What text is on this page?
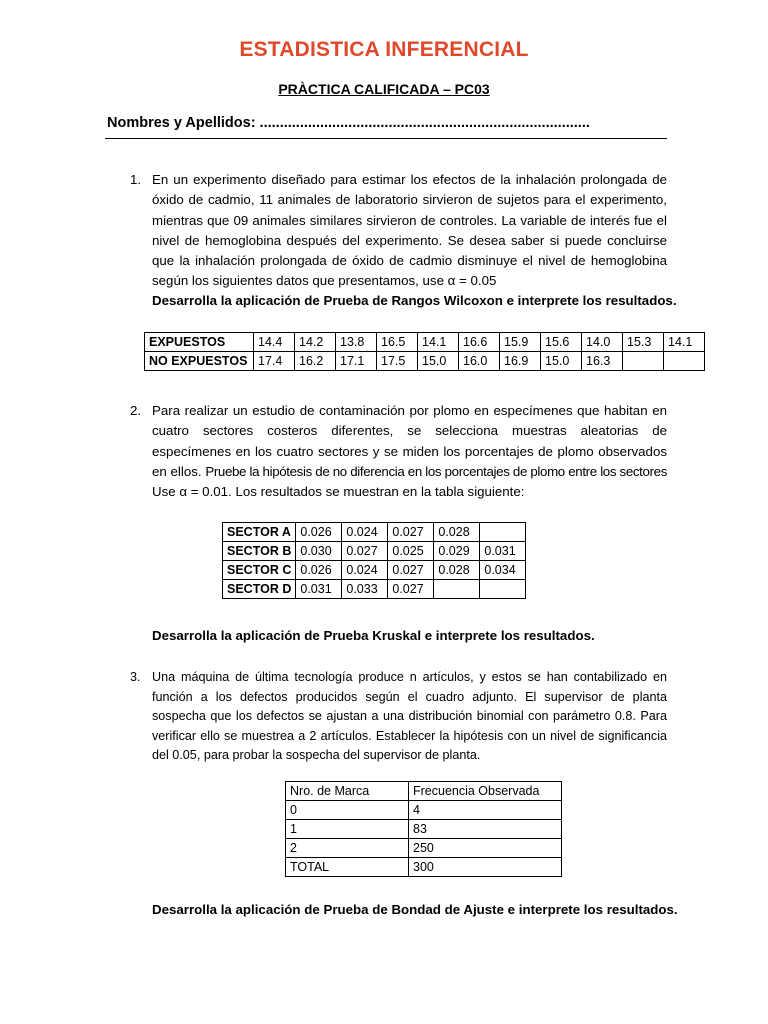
ESTADISTICA INFERENCIAL
PRÀCTICA CALIFICADA – PC03
Nombres y Apellidos: ..................................................................................
1. En un experimento diseñado para estimar los efectos de la inhalación prolongada de óxido de cadmio, 11 animales de laboratorio sirvieron de sujetos para el experimento, mientras que 09 animales similares sirvieron de controles. La variable de interés fue el nivel de hemoglobina después del experimento. Se desea saber si puede concluirse que la inhalación prolongada de óxido de cadmio disminuye el nivel de hemoglobina según los siguientes datos que presentamos, use α = 0.05
Desarrolla la aplicación de Prueba de Rangos Wilcoxon e interprete los resultados.
EXPUESTOS	14.4	14.2	13.8	16.5	14.1	16.6	15.9	15.6	14.0	15.3	14.1
NO EXPUESTOS	17.4	16.2	17.1	17.5	15.0	16.0	16.9	15.0	16.3		
2. Para realizar un estudio de contaminación por plomo en especímenes que habitan en cuatro sectores costeros diferentes, se selecciona muestras aleatorias de especímenes en los cuatro sectores y se miden los porcentajes de plomo observados en ellos. Pruebe la hipótesis de no diferencia en los porcentajes de plomo entre los sectores Use α = 0.01. Los resultados se muestran en la tabla siguiente:
SECTOR A	0.026	0.024	0.027	0.028	
SECTOR B	0.030	0.027	0.025	0.029	0.031
SECTOR C	0.026	0.024	0.027	0.028	0.034
SECTOR D	0.031	0.033	0.027		
Desarrolla la aplicación de Prueba Kruskal e interprete los resultados.
3. Una máquina de última tecnología produce n artículos, y estos se han contabilizado en función a los defectos producidos según el cuadro adjunto. El supervisor de planta sospecha que los defectos se ajustan a una distribución binomial con parámetro 0.8. Para verificar ello se muestrea a 2 artículos. Establecer la hipótesis con un nivel de significancia del 0.05, para probar la sospecha del supervisor de planta.
Nro. de Marca	Frecuencia Observada
0	4
1	83
2	250
TOTAL	300
Desarrolla la aplicación de Prueba de Bondad de Ajuste e interprete los resultados.
